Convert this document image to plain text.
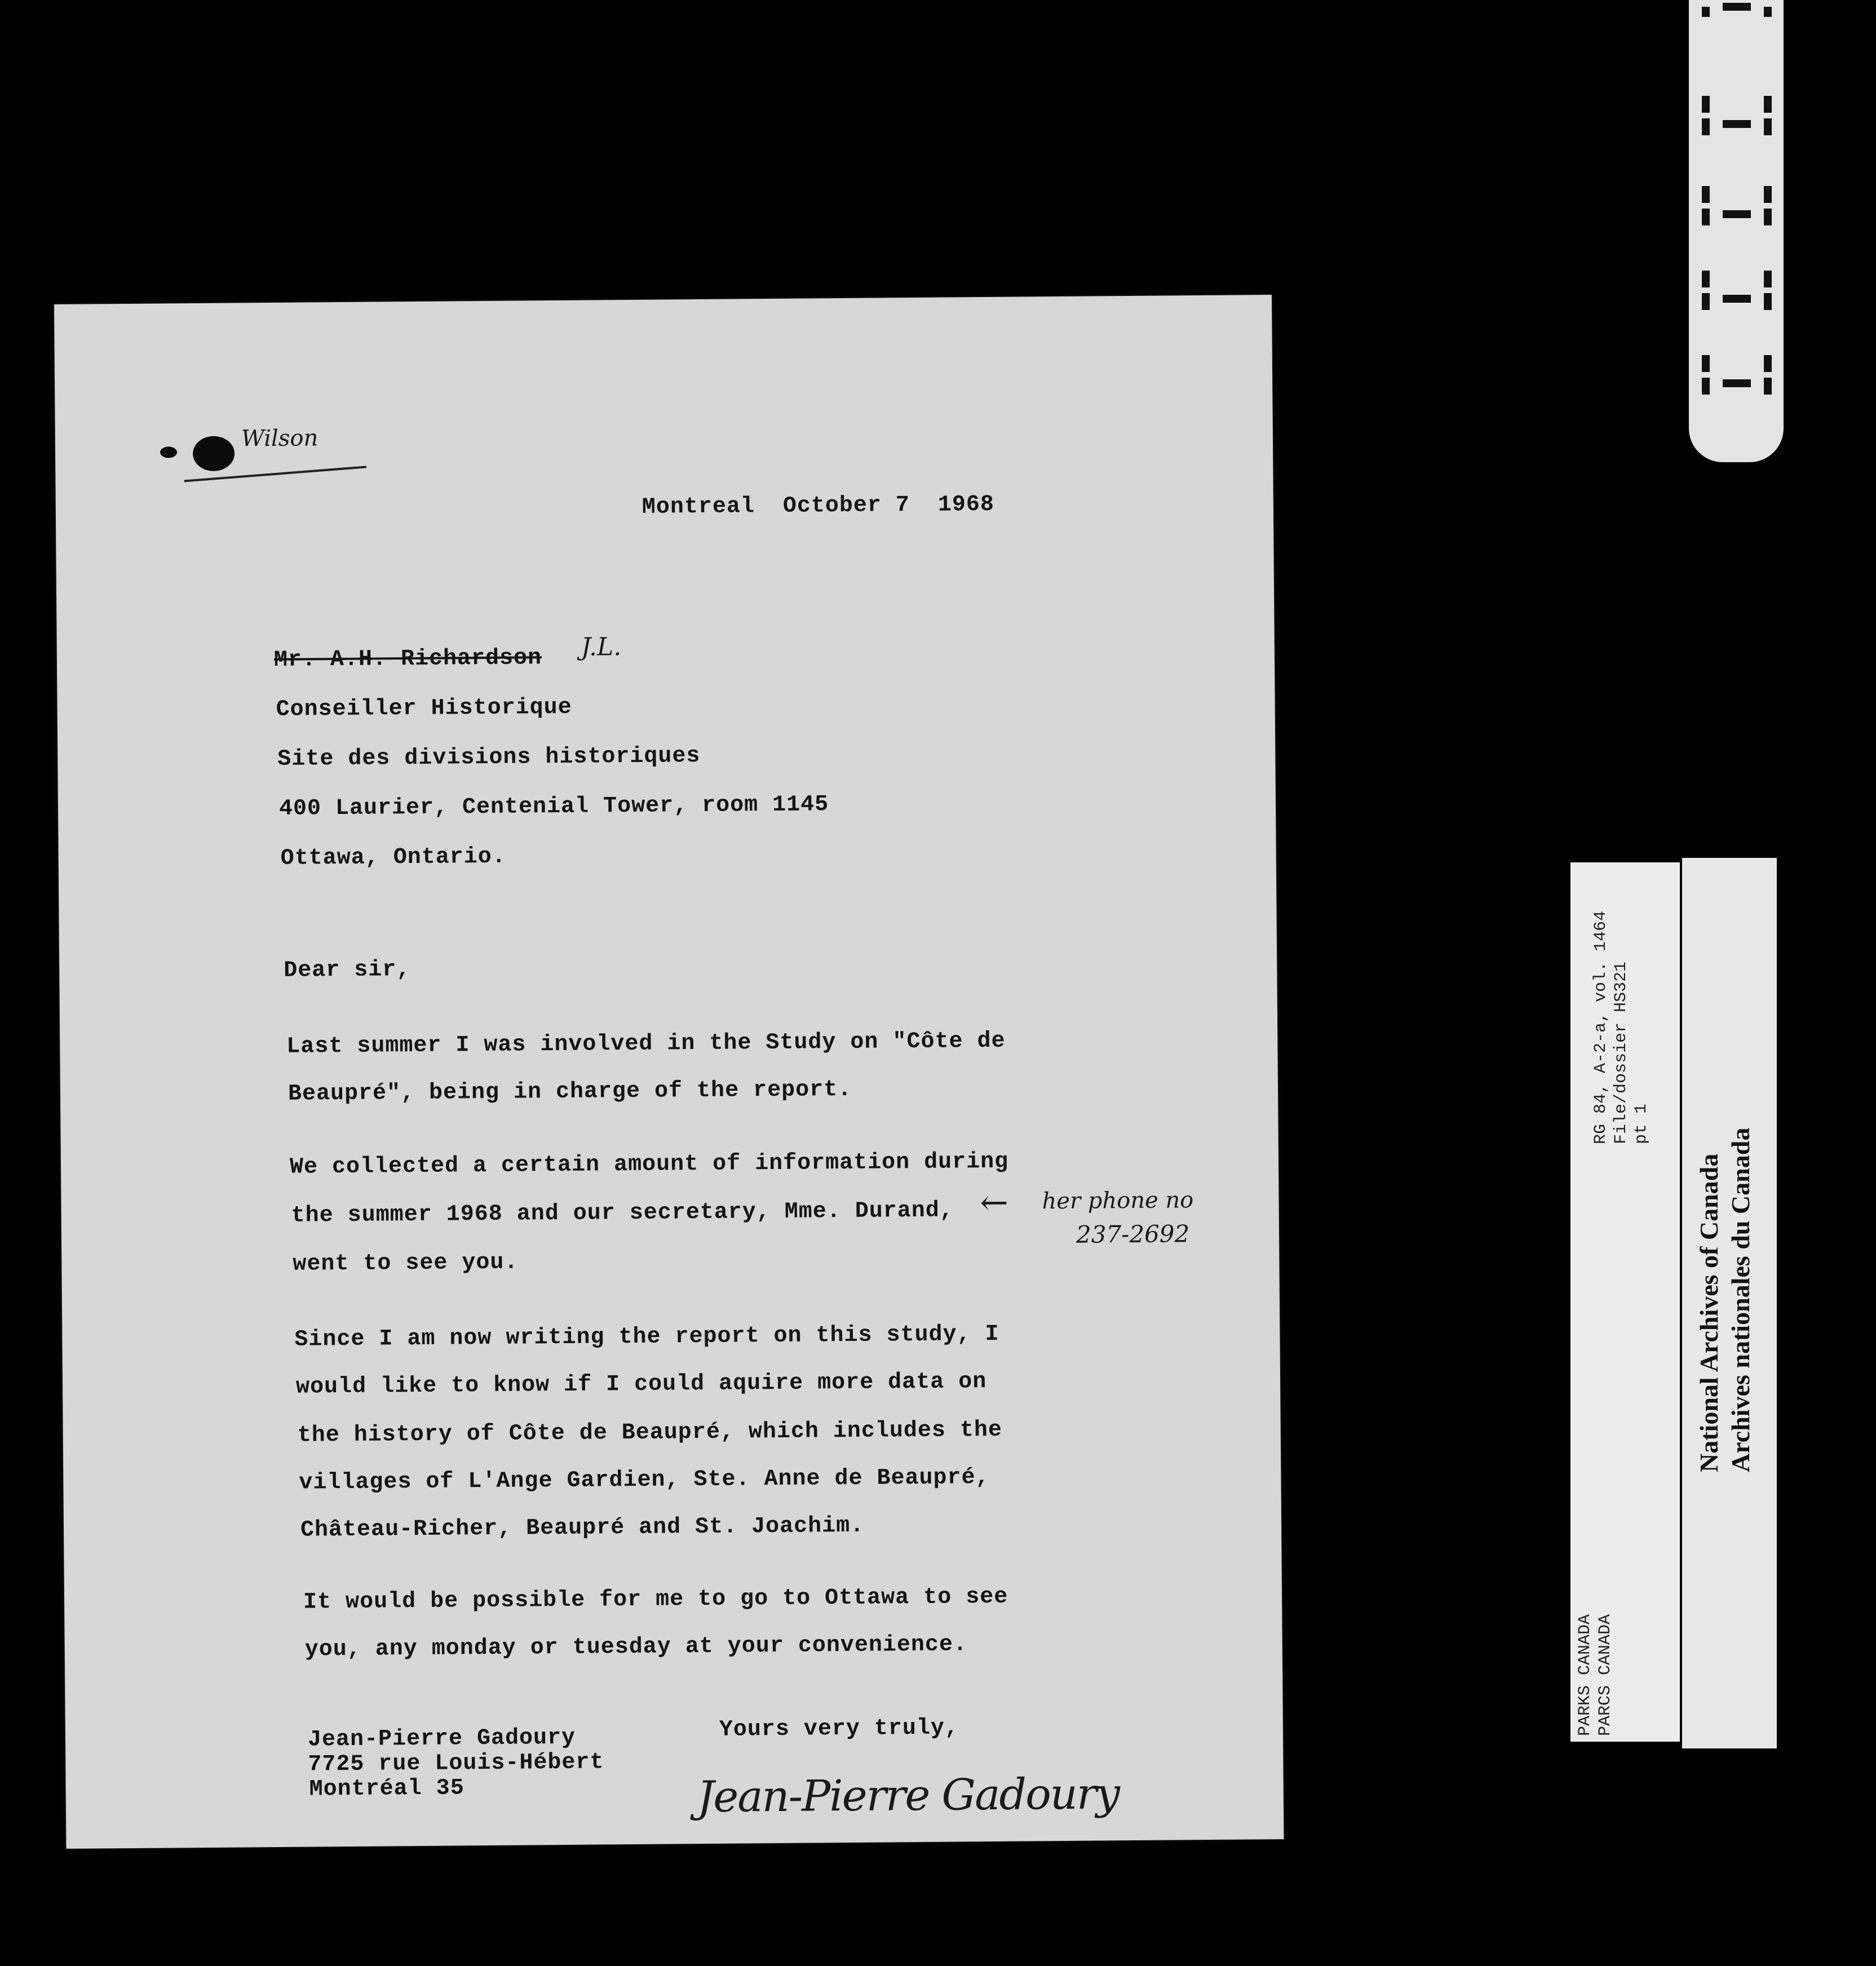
Wilson
Montreal  October 7  1968
Mr. A.H. Richardson J.L.
Conseiller Historique
Site des divisions historiques
400 Laurier, Centenial Tower, room 1145
Ottawa, Ontario.
Dear sir,
Last summer I was involved in the Study on "Côte de
Beaupré", being in charge of the report.
We collected a certain amount of information during
the summer 1968 and our secretary, Mme. Durand,
went to see you.
← her phone no
237-2692
Since I am now writing the report on this study, I
would like to know if I could aquire more data on
the history of Côte de Beaupré, which includes the
villages of L'Ange Gardien, Ste. Anne de Beaupré,
Château-Richer, Beaupré and St. Joachim.
It would be possible for me to go to Ottawa to see
you, any monday or tuesday at your convenience.
Jean-Pierre Gadoury
7725 rue Louis-Hébert
Montréal 35
Yours very truly,
Jean-Pierre Gadoury
RG 84, A-2-a, vol. 1464 File/dossier HS321 pt 1
PARKS CANADA PARCS CANADA
National Archives of Canada Archives nationales du Canada
